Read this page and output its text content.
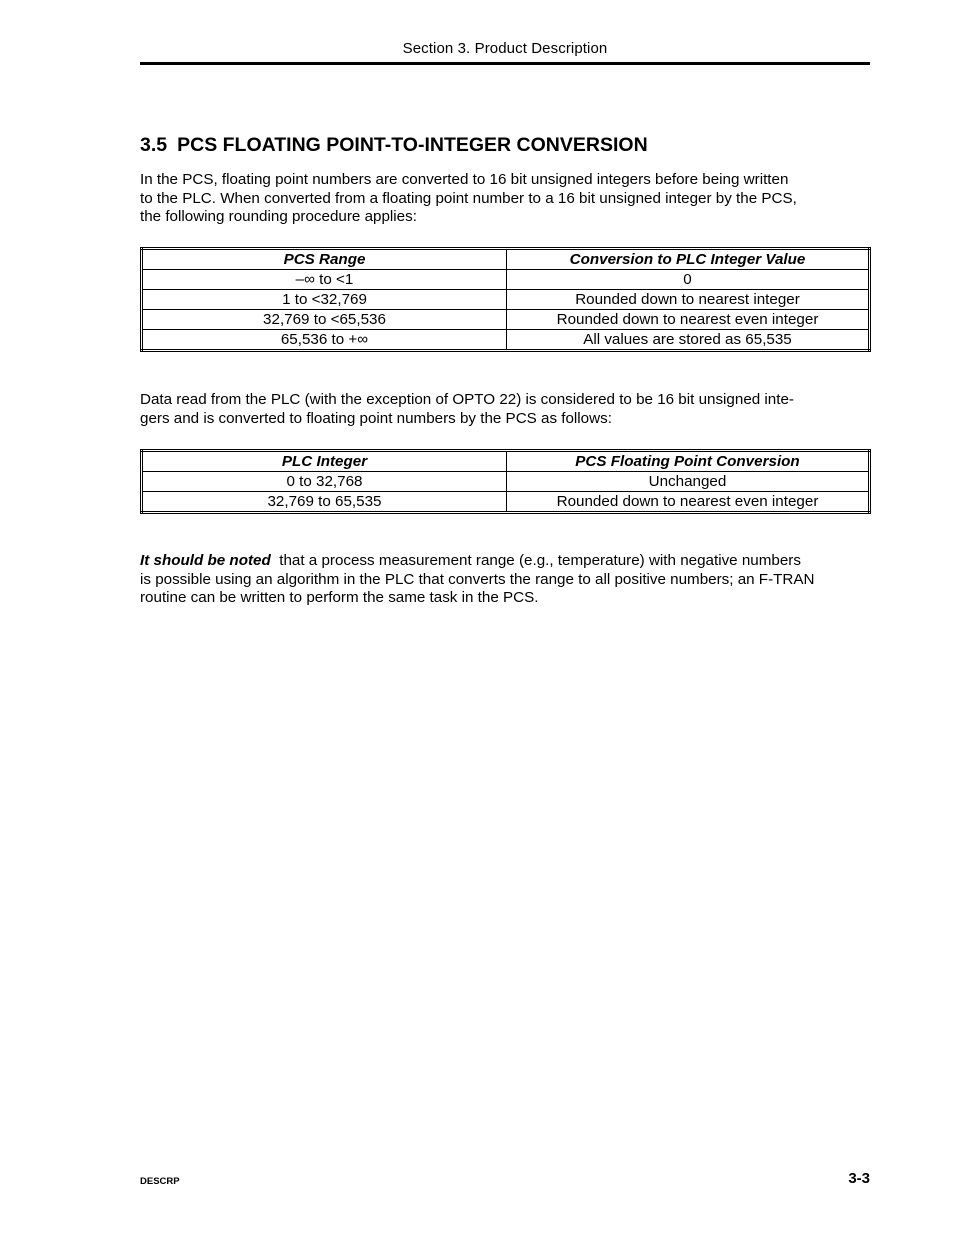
Section 3. Product Description
3.5 PCS FLOATING POINT-TO-INTEGER CONVERSION

In the PCS, floating point numbers are converted to 16 bit unsigned integers before being written
to the PLC. When converted from a floating point number to a 16 bit unsigned integer by the PCS,
the following rounding procedure applies:

PCS Range	Conversion to PLC Integer Value
–∞ to <1	0
1 to <32,769	Rounded down to nearest integer
32,769 to <65,536	Rounded down to nearest even integer
65,536 to +∞	All values are stored as 65,535

Data read from the PLC (with the exception of OPTO 22) is considered to be 16 bit unsigned inte-
gers and is converted to floating point numbers by the PCS as follows:

PLC Integer	PCS Floating Point Conversion
0 to 32,768	Unchanged
32,769 to 65,535	Rounded down to nearest even integer

It should be noted  that a process measurement range (e.g., temperature) with negative numbers
is possible using an algorithm in the PLC that converts the range to all positive numbers; an F-TRAN
routine can be written to perform the same task in the PCS.

DESCRP	3-3
